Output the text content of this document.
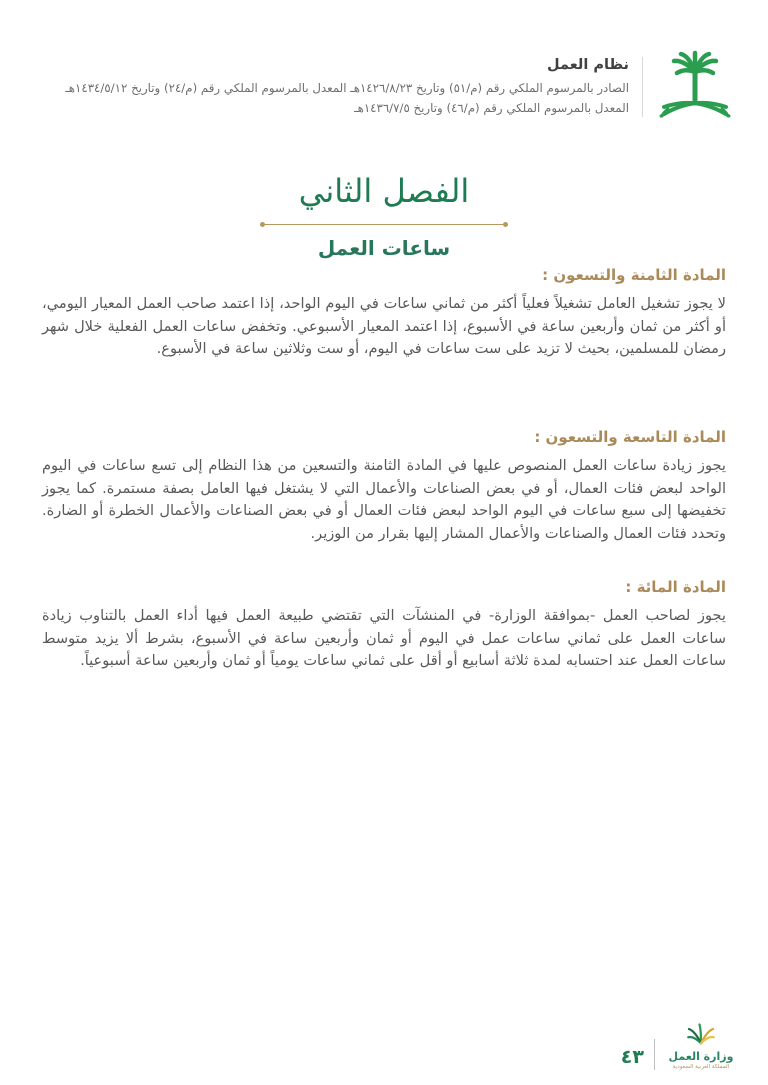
نظام العمل
الصادر بالمرسوم الملكي رقم (م/٥١) وتاريخ ١٤٢٦/٨/٢٣هـ المعدل بالمرسوم الملكي رقم (م/٢٤) وتاريخ ١٤٣٤/٥/١٢هـ
المعدل بالمرسوم الملكي رقم (م/٤٦) وتاريخ ١٤٣٦/٧/٥هـ
الفصل الثاني
ساعات العمل
المادة الثامنة والتسعون :

لا يجوز تشغيل العامل تشغيلاً فعلياً أكثر من ثماني ساعات في اليوم الواحد، إذا اعتمد صاحب العمل المعيار اليومي، أو أكثر من ثمان وأربعين ساعة في الأسبوع، إذا اعتمد المعيار الأسبوعي. وتخفض ساعات العمل الفعلية خلال شهر رمضان للمسلمين، بحيث لا تزيد على ست ساعات في اليوم، أو ست وثلاثين ساعة في الأسبوع.

المادة التاسعة والتسعون :

يجوز زيادة ساعات العمل المنصوص عليها في المادة الثامنة والتسعين من هذا النظام إلى تسع ساعات في اليوم الواحد لبعض فئات العمال، أو في بعض الصناعات والأعمال التي لا يشتغل فيها العامل بصفة مستمرة. كما يجوز تخفيضها إلى سبع ساعات في اليوم الواحد لبعض فئات العمال أو في بعض الصناعات والأعمال الخطرة أو الضارة. وتحدد فئات العمال والصناعات والأعمال المشار إليها بقرار من الوزير.

المادة المائة :

يجوز لصاحب العمل -بموافقة الوزارة- في المنشآت التي تقتضي طبيعة العمل فيها أداء العمل بالتناوب زيادة ساعات العمل على ثماني ساعات عمل في اليوم أو ثمان وأربعين ساعة في الأسبوع، بشرط ألا يزيد متوسط ساعات العمل عند احتسابه لمدة ثلاثة أسابيع أو أقل على ثماني ساعات يومياً أو ثمان وأربعين ساعة أسبوعياً.

وزارة العمل
المملكة العربية السعودية
٤٣
